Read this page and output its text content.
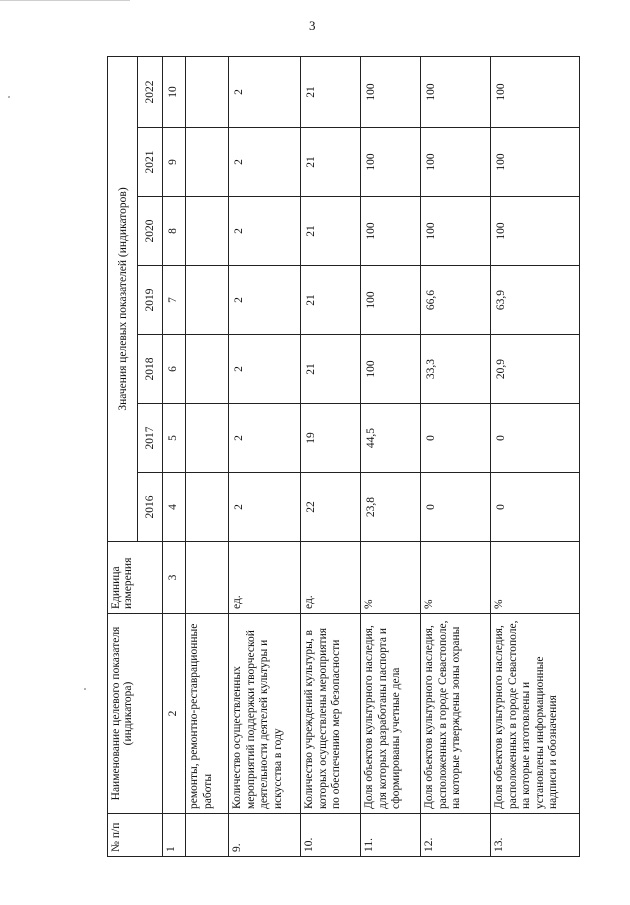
3
№ п/п	Наименование целевого показателя (индикатора)	Единица измерения	Значения целевых показателей (индикаторов)						
			2016	2017	2018	2019	2020	2021	2022
1	2	3	4	5	6	7	8	9	10
	ремонты, ремонтно-реставрационные работы								
9.	Количество осуществленных мероприятий поддержки творческой деятельности деятелей культуры и искусства в году	ед.	2	2	2	2	2	2	2
10.	Количество учреждений культуры, в которых осуществлены мероприятия по обеспечению мер безопасности	ед.	22	19	21	21	21	21	21
11.	Доля объектов культурного наследия, для которых разработаны паспорта и сформированы учетные дела	%	23,8	44,5	100	100	100	100	100
12.	Доля объектов культурного наследия, расположенных в городе Севастополе, на которые утверждены зоны охраны	%	0	0	33,3	66,6	100	100	100
13.	Доля объектов культурного наследия, расположенных в городе Севастополе, на которые изготовлены и установлены информационные надписи и обозначения	%	0	0	20,9	63,9	100	100	100
